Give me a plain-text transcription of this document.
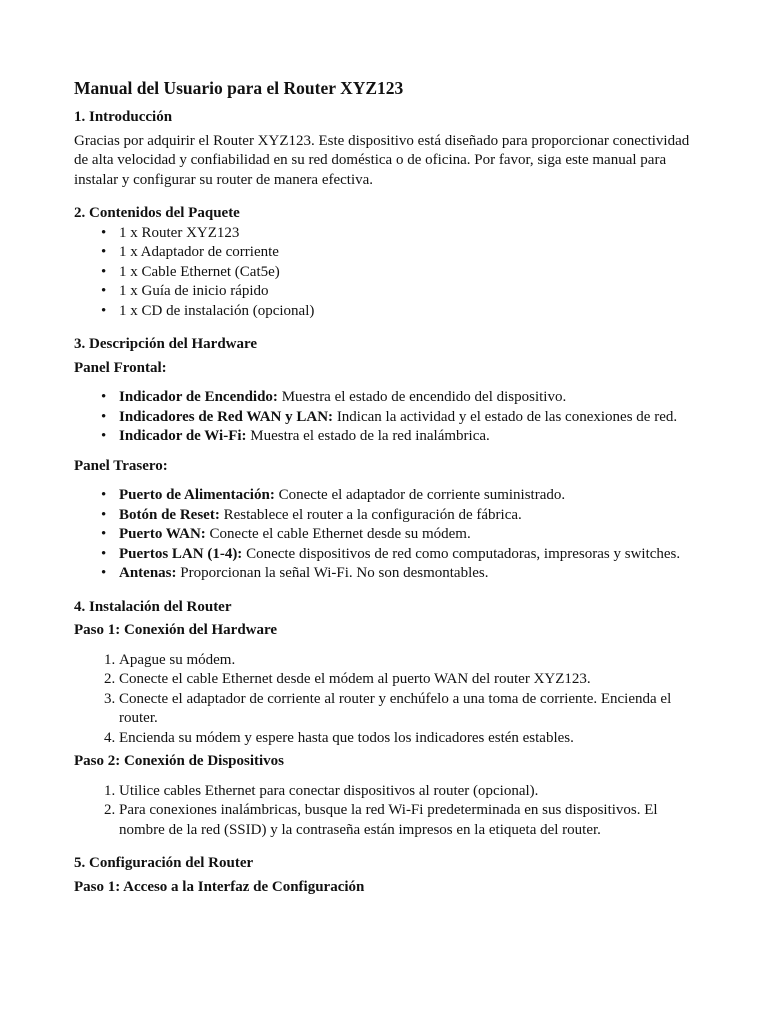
Manual del Usuario para el Router XYZ123
1. Introducción

Gracias por adquirir el Router XYZ123. Este dispositivo está diseñado para proporcionar conectividad de alta velocidad y confiabilidad en su red doméstica o de oficina. Por favor, siga este manual para instalar y configurar su router de manera efectiva.

2. Contenidos del Paquete
• 1 x Router XYZ123
• 1 x Adaptador de corriente
• 1 x Cable Ethernet (Cat5e)
• 1 x Guía de inicio rápido
• 1 x CD de instalación (opcional)
3. Descripción del Hardware
Panel Frontal:
• Indicador de Encendido: Muestra el estado de encendido del dispositivo.
• Indicadores de Red WAN y LAN: Indican la actividad y el estado de las conexiones de red.
• Indicador de Wi-Fi: Muestra el estado de la red inalámbrica.
Panel Trasero:
• Puerto de Alimentación: Conecte el adaptador de corriente suministrado.
• Botón de Reset: Restablece el router a la configuración de fábrica.
• Puerto WAN: Conecte el cable Ethernet desde su módem.
• Puertos LAN (1-4): Conecte dispositivos de red como computadoras, impresoras y switches.
• Antenas: Proporcionan la señal Wi-Fi. No son desmontables.
4. Instalación del Router
Paso 1: Conexión del Hardware
1. Apague su módem.
2. Conecte el cable Ethernet desde el módem al puerto WAN del router XYZ123.
3. Conecte el adaptador de corriente al router y enchúfelo a una toma de corriente. Encienda el router.
4. Encienda su módem y espere hasta que todos los indicadores estén estables.
Paso 2: Conexión de Dispositivos
1. Utilice cables Ethernet para conectar dispositivos al router (opcional).
2. Para conexiones inalámbricas, busque la red Wi-Fi predeterminada en sus dispositivos. El nombre de la red (SSID) y la contraseña están impresos en la etiqueta del router.
5. Configuración del Router
Paso 1: Acceso a la Interfaz de Configuración
